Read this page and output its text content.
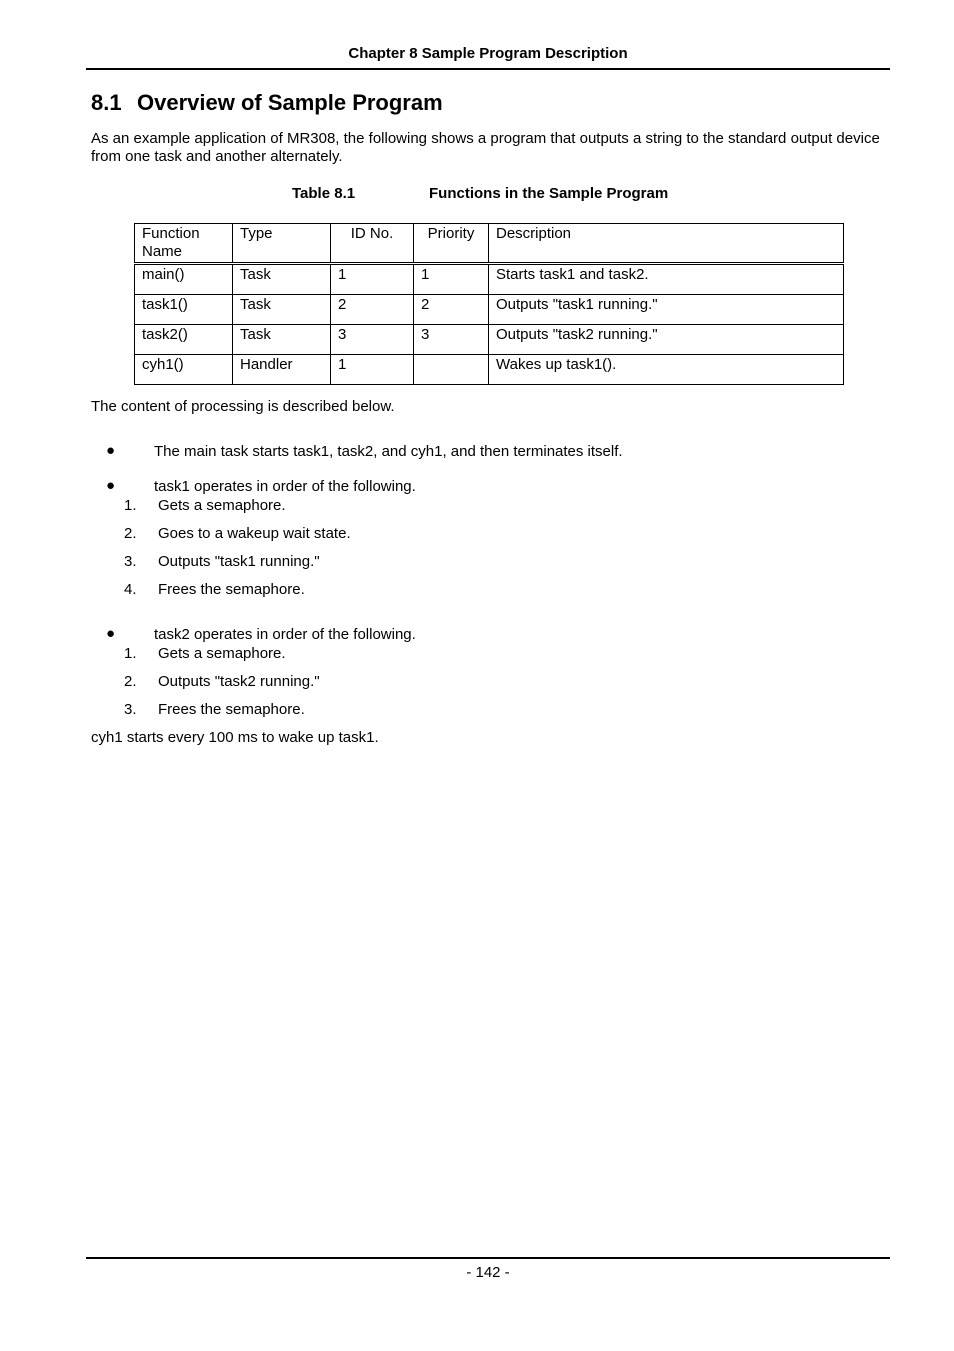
Chapter 8 Sample Program Description
8.1 Overview of Sample Program
As an example application of MR308, the following shows a program that outputs a string to the standard output device from one task and another alternately.
Table 8.1	Functions in the Sample Program
Function Name	Type	ID No.	Priority	Description
main()	Task	1	1	Starts task1 and task2.
task1()	Task	2	2	Outputs "task1 running."
task2()	Task	3	3	Outputs "task2 running."
cyh1()	Handler	1		Wakes up task1().
The content of processing is described below.
●	The main task starts task1, task2, and cyh1, and then terminates itself.
●	task1 operates in order of the following.
1. Gets a semaphore.
2. Goes to a wakeup wait state.
3. Outputs "task1 running."
4. Frees the semaphore.
●	task2 operates in order of the following.
1. Gets a semaphore.
2. Outputs "task2 running."
3. Frees the semaphore.
cyh1 starts every 100 ms to wake up task1.
- 142 -
